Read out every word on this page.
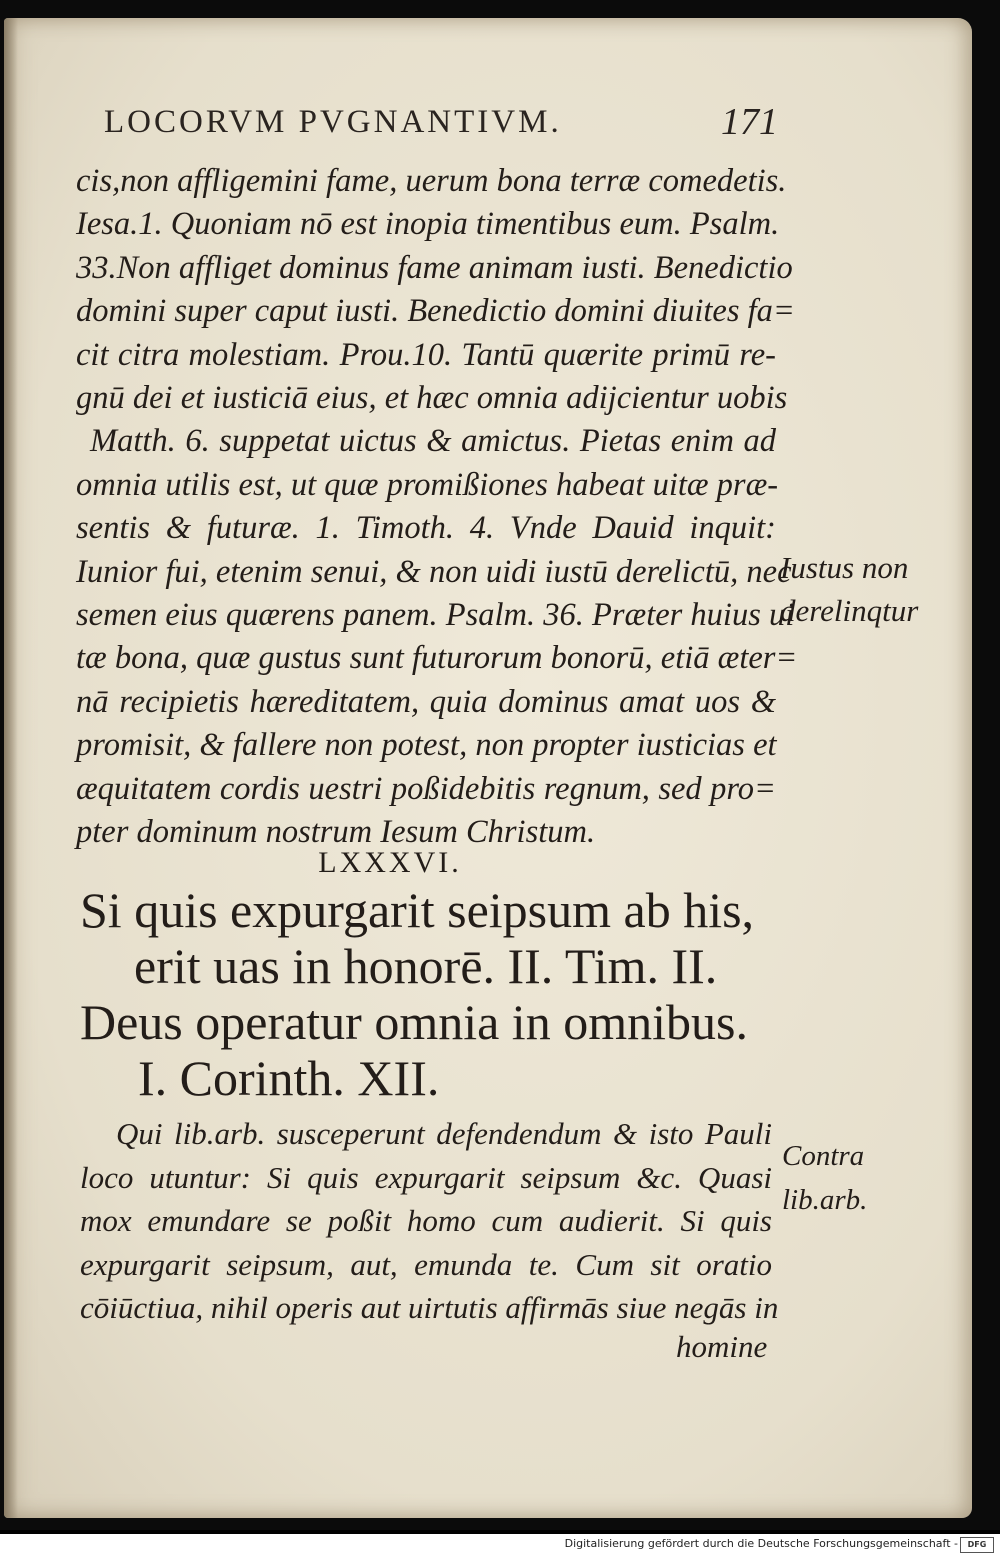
LOCORVM PVGNANTIVM.	171
cis,non affligemini fame, uerum bona terræ comedetis.
Iesa.1. Quoniam nō est inopia timentibus eum. Psalm.
33.Non affliget dominus fame animam iusti. Benedictio
domini super caput iusti. Benedictio domini diuites fa=
cit citra molestiam. Prou.10. Tantū quærite primū re-
gnū dei et iusticiā eius, et hæc omnia adijcientur uobis
Matth. 6. suppetat uictus & amictus. Pietas enim ad
omnia utilis est, ut quæ promißiones habeat uitæ præ-
sentis & futuræ. 1. Timoth. 4. Vnde Dauid inquit:
Iunior fui, etenim senui, & non uidi iustū derelictū, nec
semen eius quærens panem. Psalm. 36. Præter huius ui
tæ bona, quæ gustus sunt futurorum bonorū, etiā æter=
nā recipietis hæreditatem, quia dominus amat uos &
promisit, & fallere non potest, non propter iusticias et
æquitatem cordis uestri poßidebitis regnum, sed pro=
pter dominum nostrum Iesum Christum.
Iustus non
derelinqtur
LXXXVI.
Si quis expurgarit seipsum ab his,
erit uas in honorē. II. Tim. II.
Deus operatur omnia in omnibus.
I. Corinth. XII.
Qui lib.arb. susceperunt defendendum & isto Pauli
loco utuntur: Si quis expurgarit seipsum &c. Quasi
mox emundare se poßit homo cum audierit. Si quis
expurgarit seipsum, aut, emunda te. Cum sit oratio
cōiūctiua, nihil operis aut uirtutis affirmās siue negās in
homine
Contra
lib.arb.
Digitalisierung gefördert durch die Deutsche Forschungsgemeinschaft -	DFG
